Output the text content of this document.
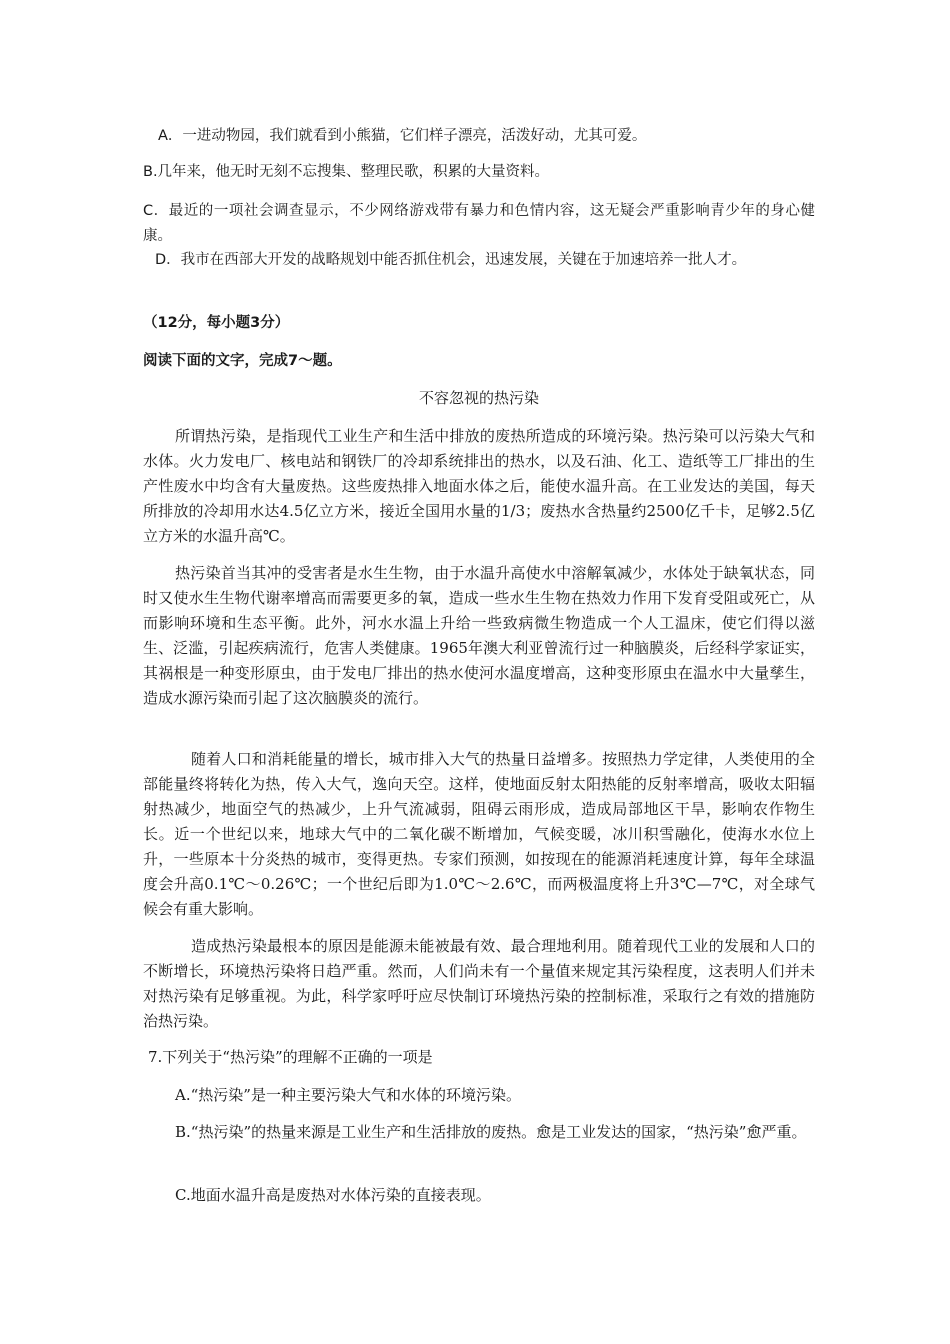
A．一进动物园，我们就看到小熊猫，它们样子漂亮，活泼好动，尤其可爱。

B.几年来，他无时无刻不忘搜集、整理民歌，积累的大量资料。

C．最近的一项社会调查显示，不少网络游戏带有暴力和色情内容，这无疑会严重影响青少年的身心健康。

D．我市在西部大开发的战略规划中能否抓住机会，迅速发展，关键在于加速培养一批人才。

（12分，每小题3分）

阅读下面的文字，完成7～题。

不容忽视的热污染

所谓热污染，是指现代工业生产和生活中排放的废热所造成的环境污染。热污染可以污染大气和水体。火力发电厂、核电站和钢铁厂的冷却系统排出的热水，以及石油、化工、造纸等工厂排出的生产性废水中均含有大量废热。这些废热排入地面水体之后，能使水温升高。在工业发达的美国，每天所排放的冷却用水达4.5亿立方米，接近全国用水量的1/3；废热水含热量约2500亿千卡，足够2.5亿立方米的水温升高℃。

热污染首当其冲的受害者是水生生物，由于水温升高使水中溶解氧减少，水体处于缺氧状态，同时又使水生生物代谢率增高而需要更多的氧，造成一些水生生物在热效力作用下发育受阻或死亡，从而影响环境和生态平衡。此外，河水水温上升给一些致病微生物造成一个人工温床，使它们得以滋生、泛滥，引起疾病流行，危害人类健康。1965年澳大利亚曾流行过一种脑膜炎，后经科学家证实，其祸根是一种变形原虫，由于发电厂排出的热水使河水温度增高，这种变形原虫在温水中大量孳生，造成水源污染而引起了这次脑膜炎的流行。

随着人口和消耗能量的增长，城市排入大气的热量日益增多。按照热力学定律，人类使用的全部能量终将转化为热，传入大气，逸向天空。这样，使地面反射太阳热能的反射率增高，吸收太阳辐射热减少，地面空气的热减少，上升气流减弱，阻碍云雨形成，造成局部地区干旱，影响农作物生长。近一个世纪以来，地球大气中的二氧化碳不断增加，气候变暖，冰川积雪融化，使海水水位上升，一些原本十分炎热的城市，变得更热。专家们预测，如按现在的能源消耗速度计算，每年全球温度会升高0.1℃～0.26℃；一个世纪后即为1.0℃～2.6℃，而两极温度将上升3℃—7℃，对全球气候会有重大影响。

造成热污染最根本的原因是能源未能被最有效、最合理地利用。随着现代工业的发展和人口的不断增长，环境热污染将日趋严重。然而，人们尚未有一个量值来规定其污染程度，这表明人们并未对热污染有足够重视。为此，科学家呼吁应尽快制订环境热污染的控制标准，采取行之有效的措施防治热污染。

7.下列关于“热污染”的理解不正确的一项是

A.“热污染”是一种主要污染大气和水体的环境污染。

B.“热污染”的热量来源是工业生产和生活排放的废热。愈是工业发达的国家，“热污染”愈严重。

C.地面水温升高是废热对水体污染的直接表现。
